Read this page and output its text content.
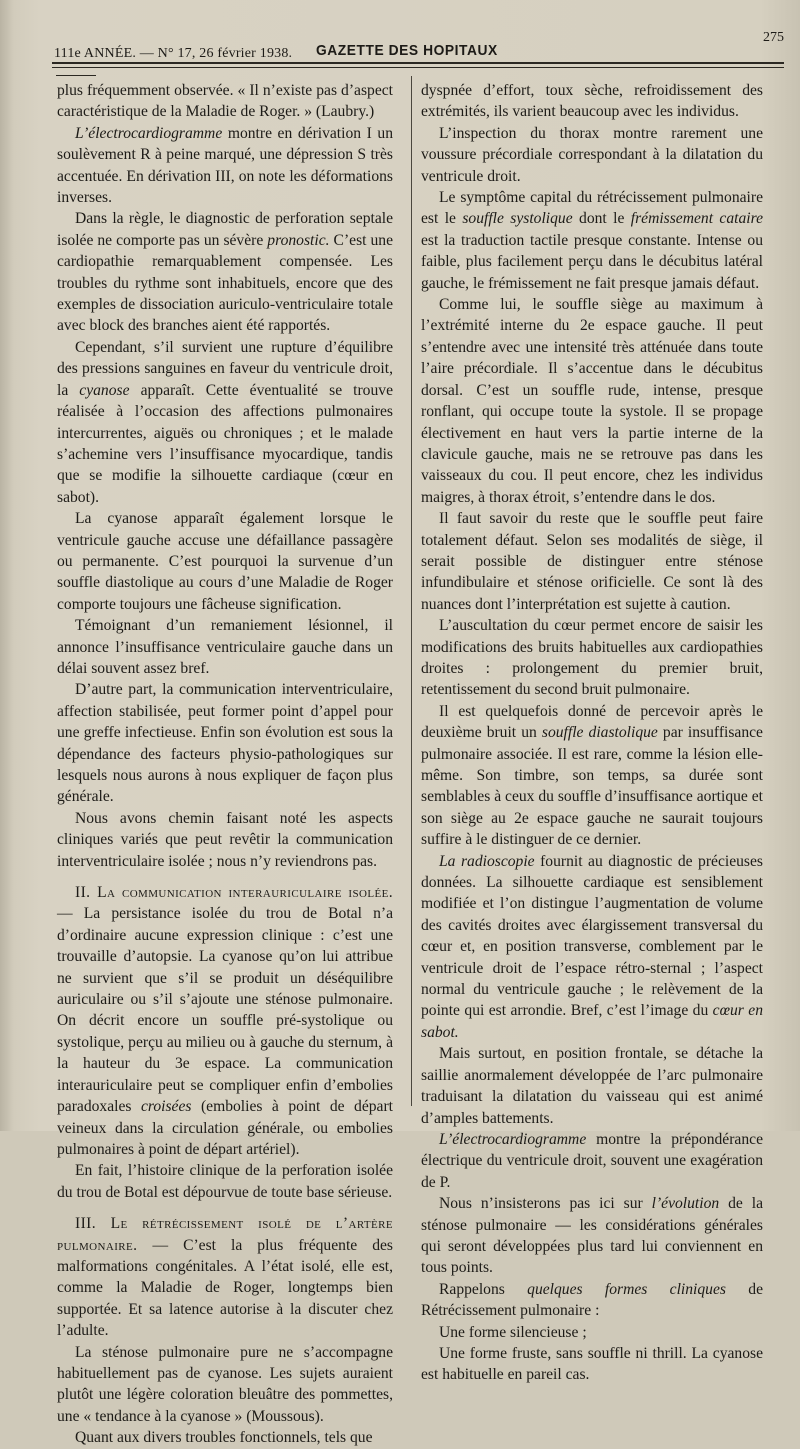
111e ANNÉE. — N° 17, 26 février 1938. GAZETTE DES HOPITAUX
275

plus fréquemment observée. « Il n’existe pas d’aspect caractéristique de la Maladie de Roger. » (Laubry.)

L’électrocardiogramme montre en dérivation I un soulèvement R à peine marqué, une dépression S très accentuée. En dérivation III, on note les déformations inverses.

Dans la règle, le diagnostic de perforation septale isolée ne comporte pas un sévère pronostic. C’est une cardiopathie remarquablement compensée. Les troubles du rythme sont inhabituels, encore que des exemples de dissociation auriculo-ventriculaire totale avec block des branches aient été rapportés.

Cependant, s’il survient une rupture d’équilibre des pressions sanguines en faveur du ventricule droit, la cyanose apparaît. Cette éventualité se trouve réalisée à l’occasion des affections pulmonaires intercurrentes, aiguës ou chroniques ; et le malade s’achemine vers l’insuffisance myocardique, tandis que se modifie la silhouette cardiaque (cœur en sabot).

La cyanose apparaît également lorsque le ventricule gauche accuse une défaillance passagère ou permanente. C’est pourquoi la survenue d’un souffle diastolique au cours d’une Maladie de Roger comporte toujours une fâcheuse signification.

Témoignant d’un remaniement lésionnel, il annonce l’insuffisance ventriculaire gauche dans un délai souvent assez bref.

D’autre part, la communication interventriculaire, affection stabilisée, peut former point d’appel pour une greffe infectieuse. Enfin son évolution est sous la dépendance des facteurs physio-pathologiques sur lesquels nous aurons à nous expliquer de façon plus générale.

Nous avons chemin faisant noté les aspects cliniques variés que peut revêtir la communication interventriculaire isolée ; nous n’y reviendrons pas.

II. La communication interauriculaire isolée. — La persistance isolée du trou de Botal n’a d’ordinaire aucune expression clinique : c’est une trouvaille d’autopsie. La cyanose qu’on lui attribue ne survient que s’il se produit un déséquilibre auriculaire ou s’il s’ajoute une sténose pulmonaire. On décrit encore un souffle pré-systolique ou systolique, perçu au milieu ou à gauche du sternum, à la hauteur du 3e espace. La communication interauriculaire peut se compliquer enfin d’embolies paradoxales croisées (embolies à point de départ veineux dans la circulation générale, ou embolies pulmonaires à point de départ artériel).

En fait, l’histoire clinique de la perforation isolée du trou de Botal est dépourvue de toute base sérieuse.

III. Le rétrécissement isolé de l’artère pulmonaire. — C’est la plus fréquente des malformations congénitales. A l’état isolé, elle est, comme la Maladie de Roger, longtemps bien supportée. Et sa latence autorise à la discuter chez l’adulte.

La sténose pulmonaire pure ne s’accompagne habituellement pas de cyanose. Les sujets auraient plutôt une légère coloration bleuâtre des pommettes, une « tendance à la cyanose » (Moussous).

Quant aux divers troubles fonctionnels, tels que

dyspnée d’effort, toux sèche, refroidissement des extrémités, ils varient beaucoup avec les individus.

L’inspection du thorax montre rarement une voussure précordiale correspondant à la dilatation du ventricule droit.

Le symptôme capital du rétrécissement pulmonaire est le souffle systolique dont le frémissement cataire est la traduction tactile presque constante. Intense ou faible, plus facilement perçu dans le décubitus latéral gauche, le frémissement ne fait presque jamais défaut.

Comme lui, le souffle siège au maximum à l’extrémité interne du 2e espace gauche. Il peut s’entendre avec une intensité très atténuée dans toute l’aire précordiale. Il s’accentue dans le décubitus dorsal. C’est un souffle rude, intense, presque ronflant, qui occupe toute la systole. Il se propage électivement en haut vers la partie interne de la clavicule gauche, mais ne se retrouve pas dans les vaisseaux du cou. Il peut encore, chez les individus maigres, à thorax étroit, s’entendre dans le dos.

Il faut savoir du reste que le souffle peut faire totalement défaut. Selon ses modalités de siège, il serait possible de distinguer entre sténose infundibulaire et sténose orificielle. Ce sont là des nuances dont l’interprétation est sujette à caution.

L’auscultation du cœur permet encore de saisir les modifications des bruits habituelles aux cardiopathies droites : prolongement du premier bruit, retentissement du second bruit pulmonaire.

Il est quelquefois donné de percevoir après le deuxième bruit un souffle diastolique par insuffisance pulmonaire associée. Il est rare, comme la lésion elle-même. Son timbre, son temps, sa durée sont semblables à ceux du souffle d’insuffisance aortique et son siège au 2e espace gauche ne saurait toujours suffire à le distinguer de ce dernier.

La radioscopie fournit au diagnostic de précieuses données. La silhouette cardiaque est sensiblement modifiée et l’on distingue l’augmentation de volume des cavités droites avec élargissement transversal du cœur et, en position transverse, comblement par le ventricule droit de l’espace rétro-sternal ; l’aspect normal du ventricule gauche ; le relèvement de la pointe qui est arrondie. Bref, c’est l’image du cœur en sabot.

Mais surtout, en position frontale, se détache la saillie anormalement développée de l’arc pulmonaire traduisant la dilatation du vaisseau qui est animé d’amples battements.

L’électrocardiogramme montre la prépondérance électrique du ventricule droit, souvent une exagération de P.

Nous n’insisterons pas ici sur l’évolution de la sténose pulmonaire — les considérations générales qui seront développées plus tard lui conviennent en tous points.

Rappelons quelques formes cliniques de Rétrécissement pulmonaire :

Une forme silencieuse ;

Une forme fruste, sans souffle ni thrill. La cyanose est habituelle en pareil cas.
